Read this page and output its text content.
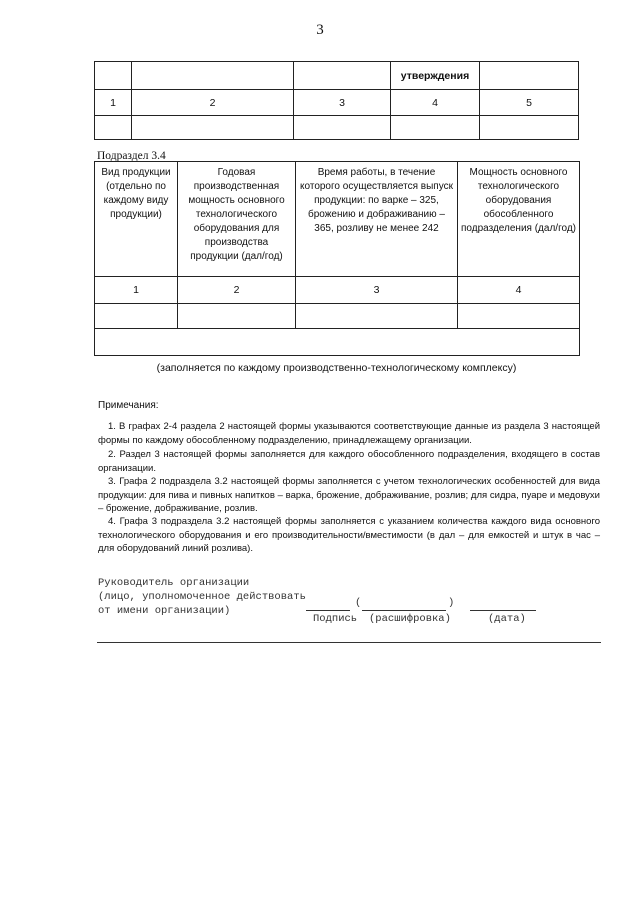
3
			утверждения	
1	2	3	4	5

Подраздел 3.4
Вид продукции (отдельно по каждому виду продукции)	Годовая производственная мощность основного технологического оборудования для производства продукции (дал/год)	Время работы, в течение которого осуществляется выпуск продукции: по варке – 325, брожению и дображиванию – 365, розливу не менее 242	Мощность основного технологического оборудования обособленного подразделения (дал/год)
1	2	3	4

(заполняется по каждому производственно-технологическому комплексу)
Примечания:
1. В графах 2-4 раздела 2 настоящей формы указываются соответствующие данные из раздела 3 настоящей формы по каждому обособленному подразделению, принадлежащему организации.
2. Раздел 3 настоящей формы заполняется для каждого обособленного подразделения, входящего в состав организации.
3. Графа 2 подраздела 3.2 настоящей формы заполняется с учетом технологических особенностей для вида продукции: для пива и пивных напитков – варка, брожение, дображивание, розлив; для сидра, пуаре и медовухи – брожение, дображивание, розлив.
4. Графа 3 подраздела 3.2 настоящей формы заполняется с указанием количества каждого вида основного технологического оборудования и его производительности/вместимости (в дал – для емкостей и штук в час – для оборудований линий розлива).
Руководитель организации
(лицо, уполномоченное действовать
от имени организации)
(	)
Подпись (расшифровка)	(дата)
